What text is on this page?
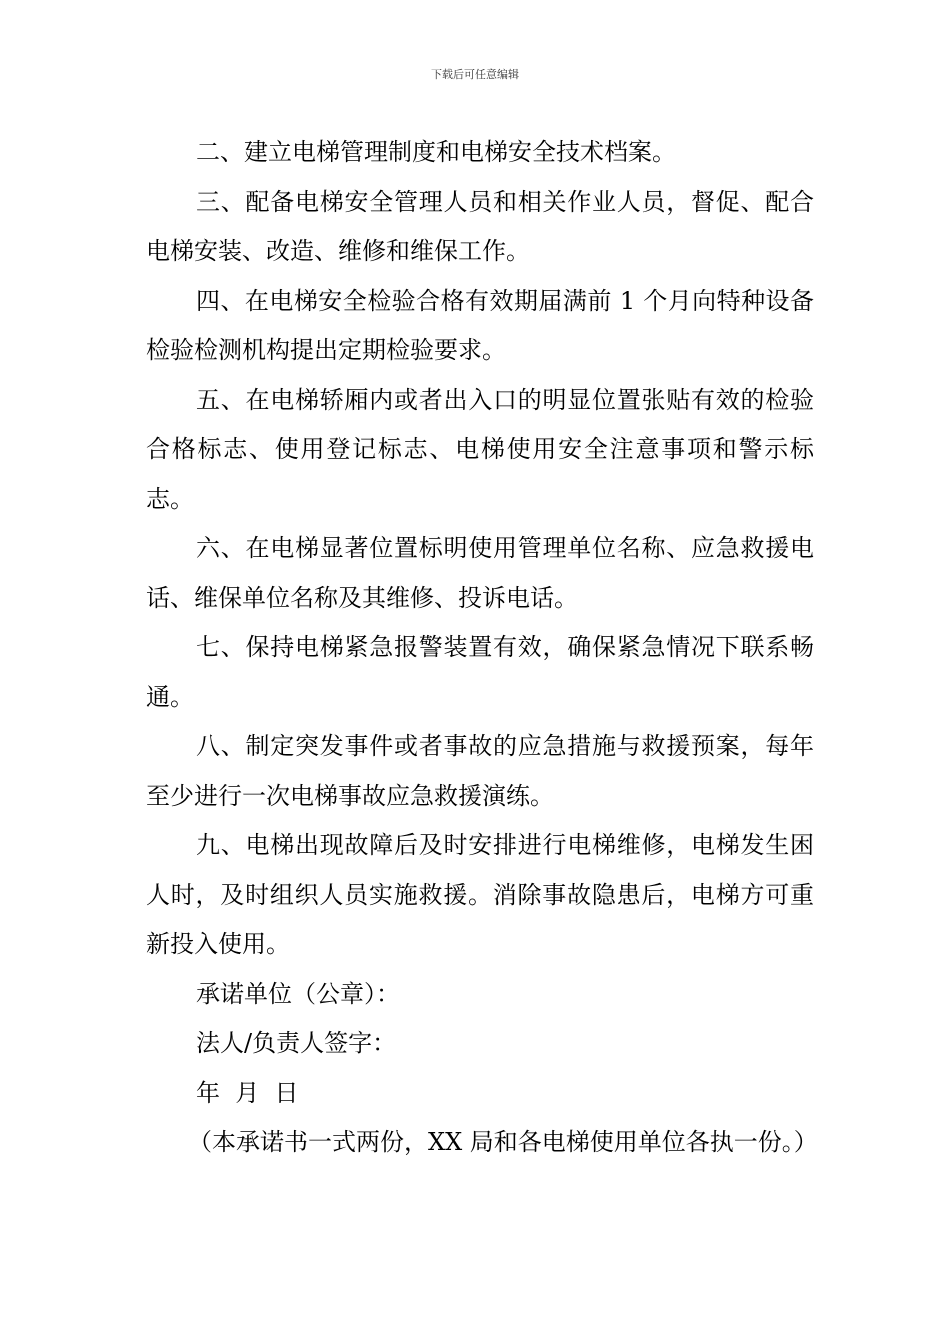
下载后可任意编辑

二、建立电梯管理制度和电梯安全技术档案。

三、配备电梯安全管理人员和相关作业人员，督促、配合电梯安装、改造、维修和维保工作。

四、在电梯安全检验合格有效期届满前 1 个月向特种设备检验检测机构提出定期检验要求。

五、在电梯轿厢内或者出入口的明显位置张贴有效的检验合格标志、使用登记标志、电梯使用安全注意事项和警示标志。

六、在电梯显著位置标明使用管理单位名称、应急救援电话、维保单位名称及其维修、投诉电话。

七、保持电梯紧急报警装置有效，确保紧急情况下联系畅通。

八、制定突发事件或者事故的应急措施与救援预案，每年至少进行一次电梯事故应急救援演练。

九、电梯出现故障后及时安排进行电梯维修，电梯发生困人时，及时组织人员实施救援。消除事故隐患后，电梯方可重新投入使用。

承诺单位（公章）：

法人/负责人签字：

年  月  日

（本承诺书一式两份，XX 局和各电梯使用单位各执一份。）
